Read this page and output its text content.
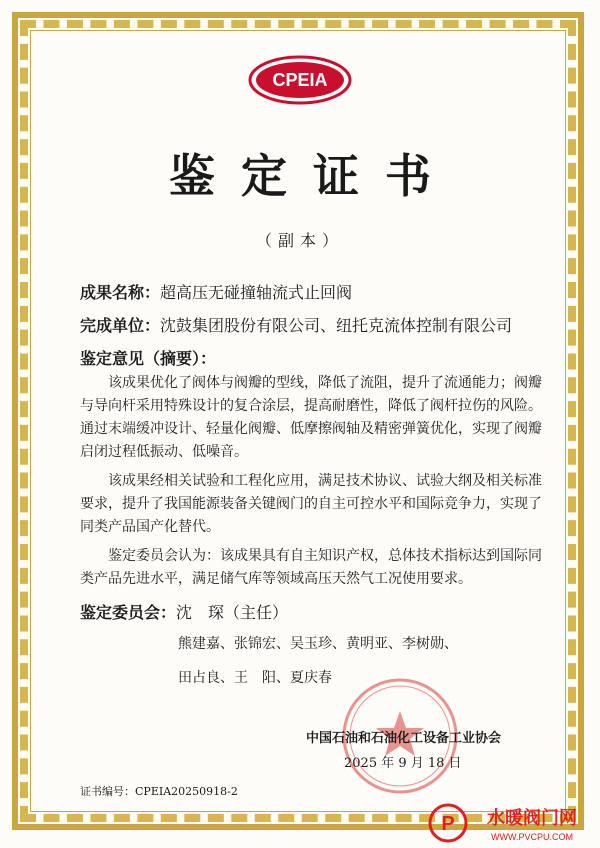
CPEIA
鉴定证书
（副本）
成果名称：超高压无碰撞轴流式止回阀
完成单位：沈鼓集团股份有限公司、纽托克流体控制有限公司
鉴定意见（摘要）：
该成果优化了阀体与阀瓣的型线，降低了流阻，提升了流通能力；阀瓣与导向杆采用特殊设计的复合涂层，提高耐磨性，降低了阀杆拉伤的风险。通过末端缓冲设计、轻量化阀瓣、低摩擦阀轴及精密弹簧优化，实现了阀瓣启闭过程低振动、低噪音。
该成果经相关试验和工程化应用，满足技术协议、试验大纲及相关标准要求，提升了我国能源装备关键阀门的自主可控水平和国际竞争力，实现了同类产品国产化替代。
鉴定委员会认为：该成果具有自主知识产权，总体技术指标达到国际同类产品先进水平，满足储气库等领域高压天然气工况使用要求。
鉴定委员会：沈　琛（主任）
熊建嘉、张锦宏、吴玉珍、黄明亚、李树勋、
田占良、王　阳、夏庆春
中国石油和石油化工设备工业协会
2025 年 9 月 18 日
证书编号：CPEIA20250918-2
P 水暖阀门网
WWW.PVCPU.COM
